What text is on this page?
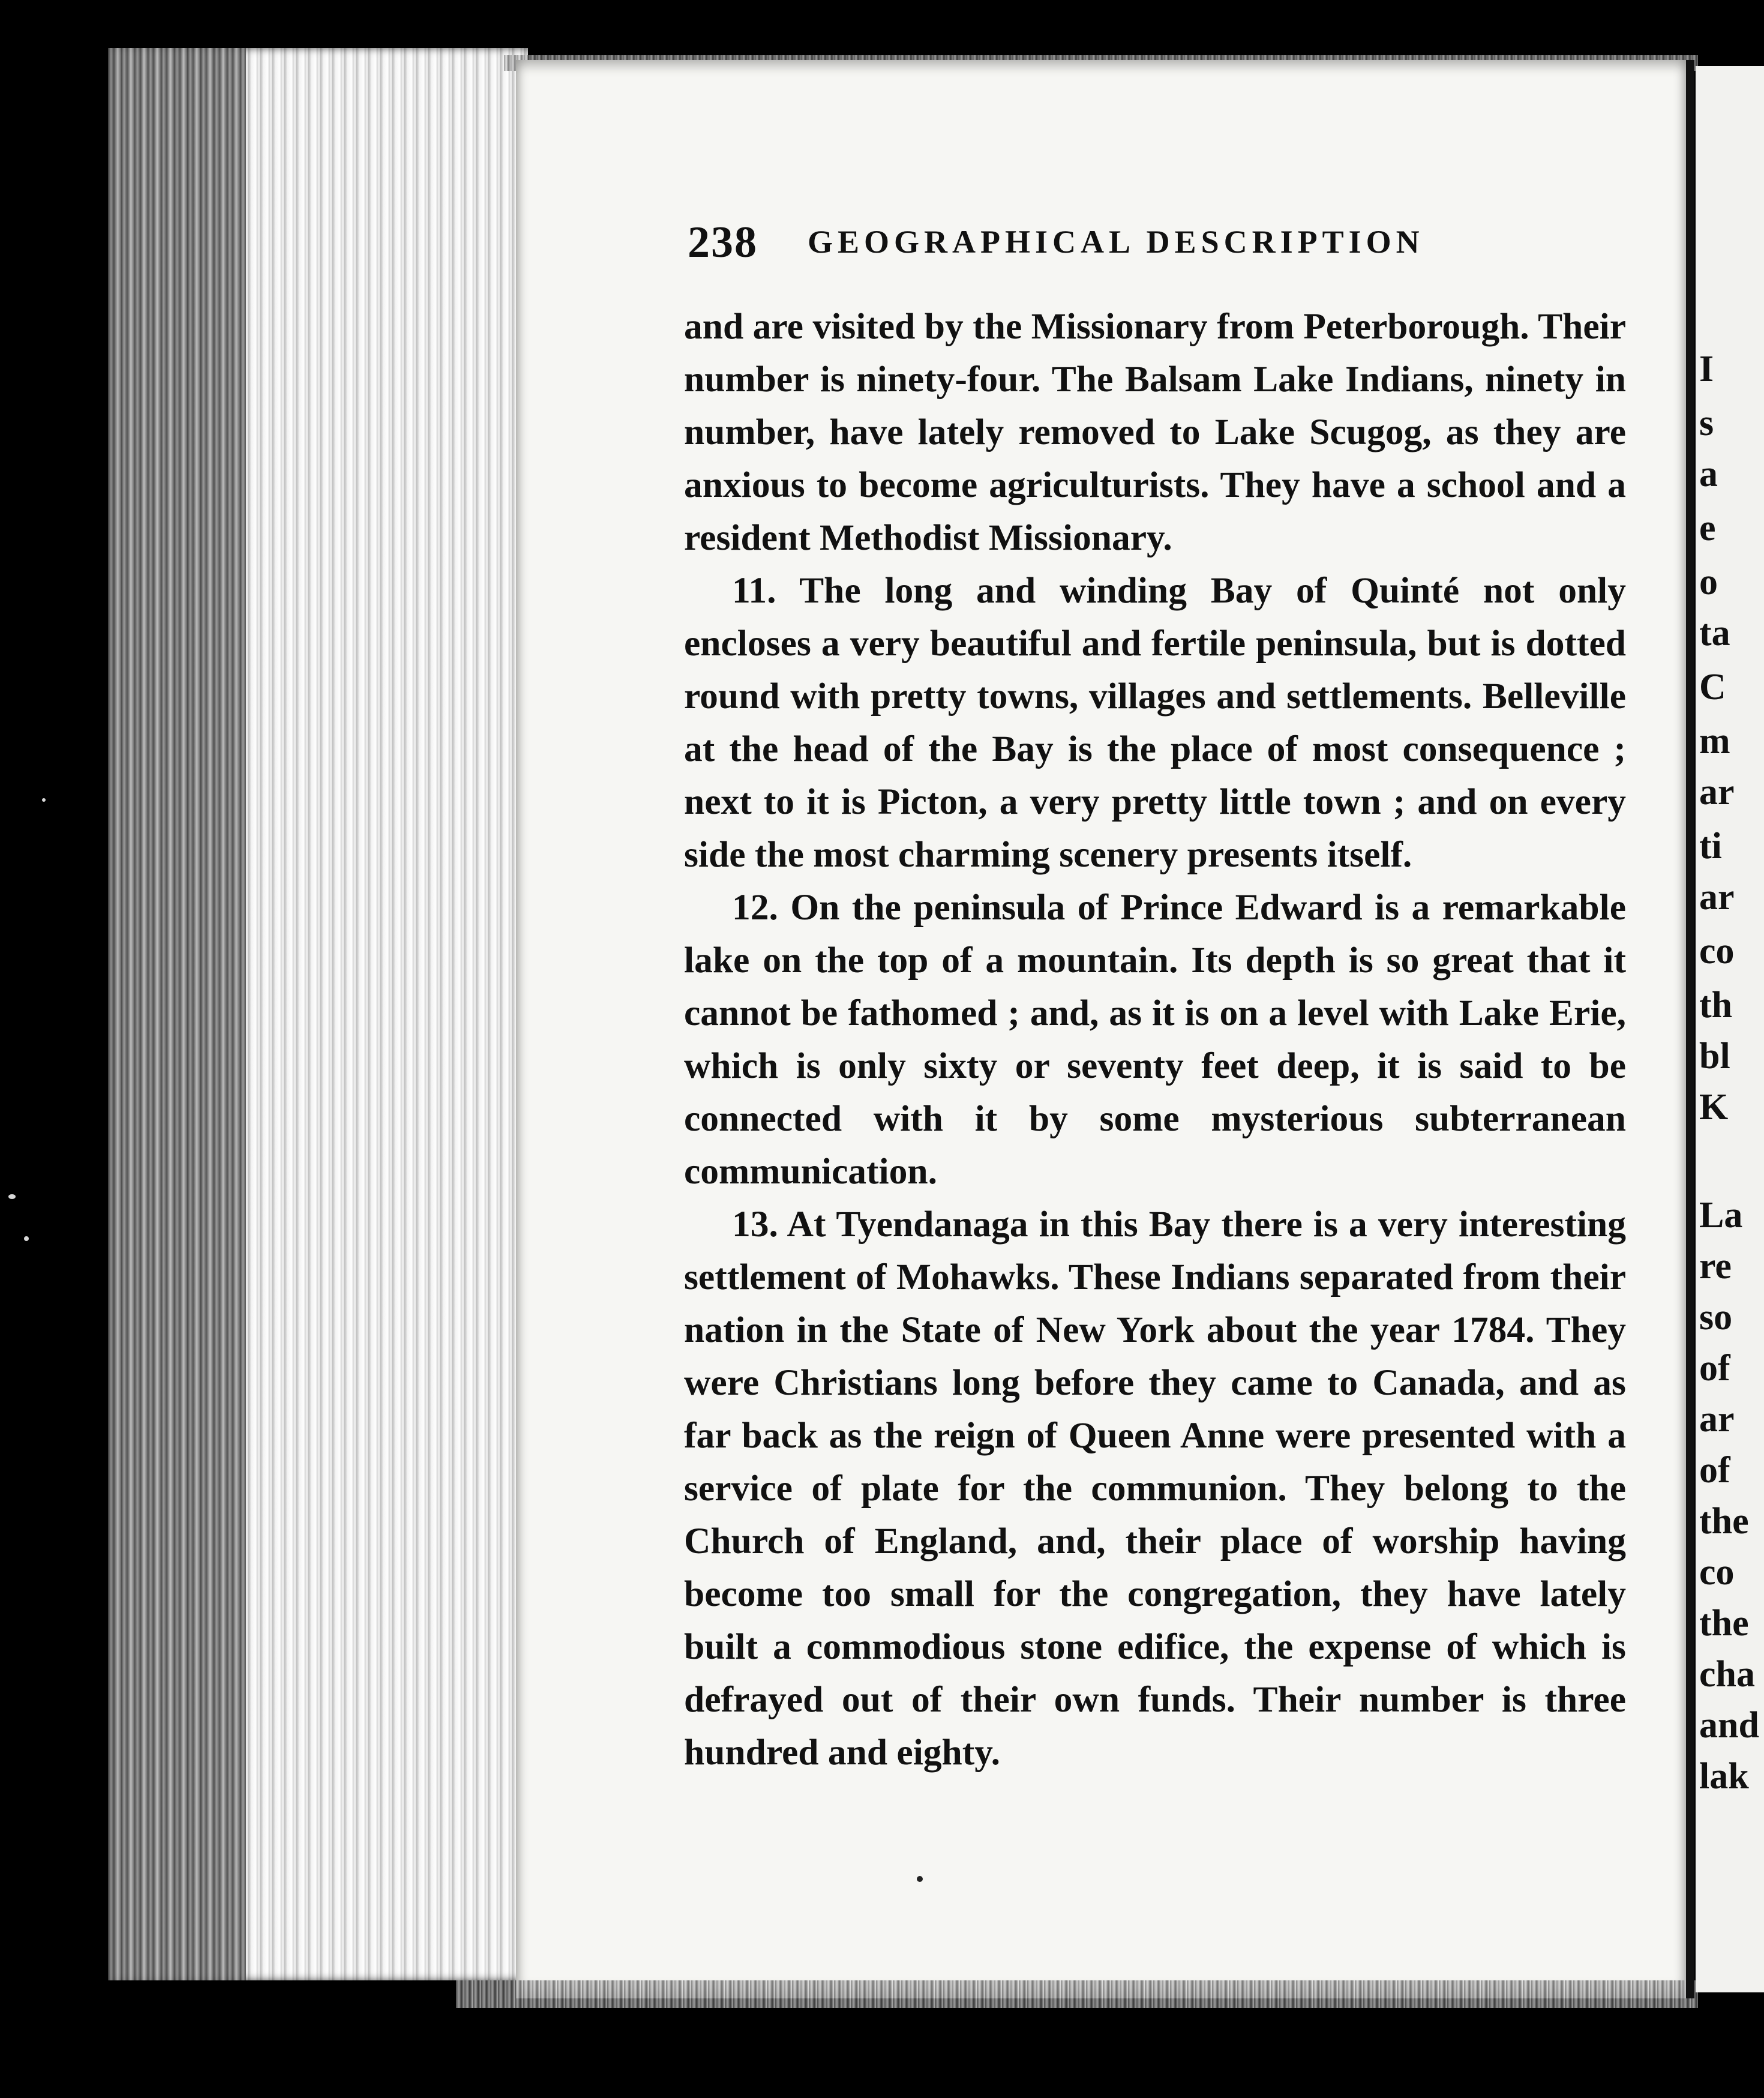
238 GEOGRAPHICAL DESCRIPTION

and are visited by the Missionary from Peterborough. Their number is ninety-four. The Balsam Lake Indians, ninety in number, have lately removed to Lake Scugog, as they are anxious to become agriculturists. They have a school and a resident Methodist Missionary.

11. The long and winding Bay of Quinté not only encloses a very beautiful and fertile peninsula, but is dotted round with pretty towns, villages and settlements. Belleville at the head of the Bay is the place of most consequence ; next to it is Picton, a very pretty little town ; and on every side the most charming scenery presents itself.

12. On the peninsula of Prince Edward is a remarkable lake on the top of a mountain. Its depth is so great that it cannot be fathomed ; and, as it is on a level with Lake Erie, which is only sixty or seventy feet deep, it is said to be connected with it by some mysterious subterranean communication.

13. At Tyendanaga in this Bay there is a very interesting settlement of Mohawks. These Indians separated from their nation in the State of New York about the year 1784. They were Christians long before they came to Canada, and as far back as the reign of Queen Anne were presented with a service of plate for the communion. They belong to the Church of England, and, their place of worship having become too small for the congregation, they have lately built a commodious stone edifice, the expense of which is defrayed out of their own funds. Their number is three hundred and eighty.

I
s
a
e
o
ta
C
m
ar
ti
ar
co
th
bl
K
La
re
so
of
ar
of
the
co
the
cha
and
lak
